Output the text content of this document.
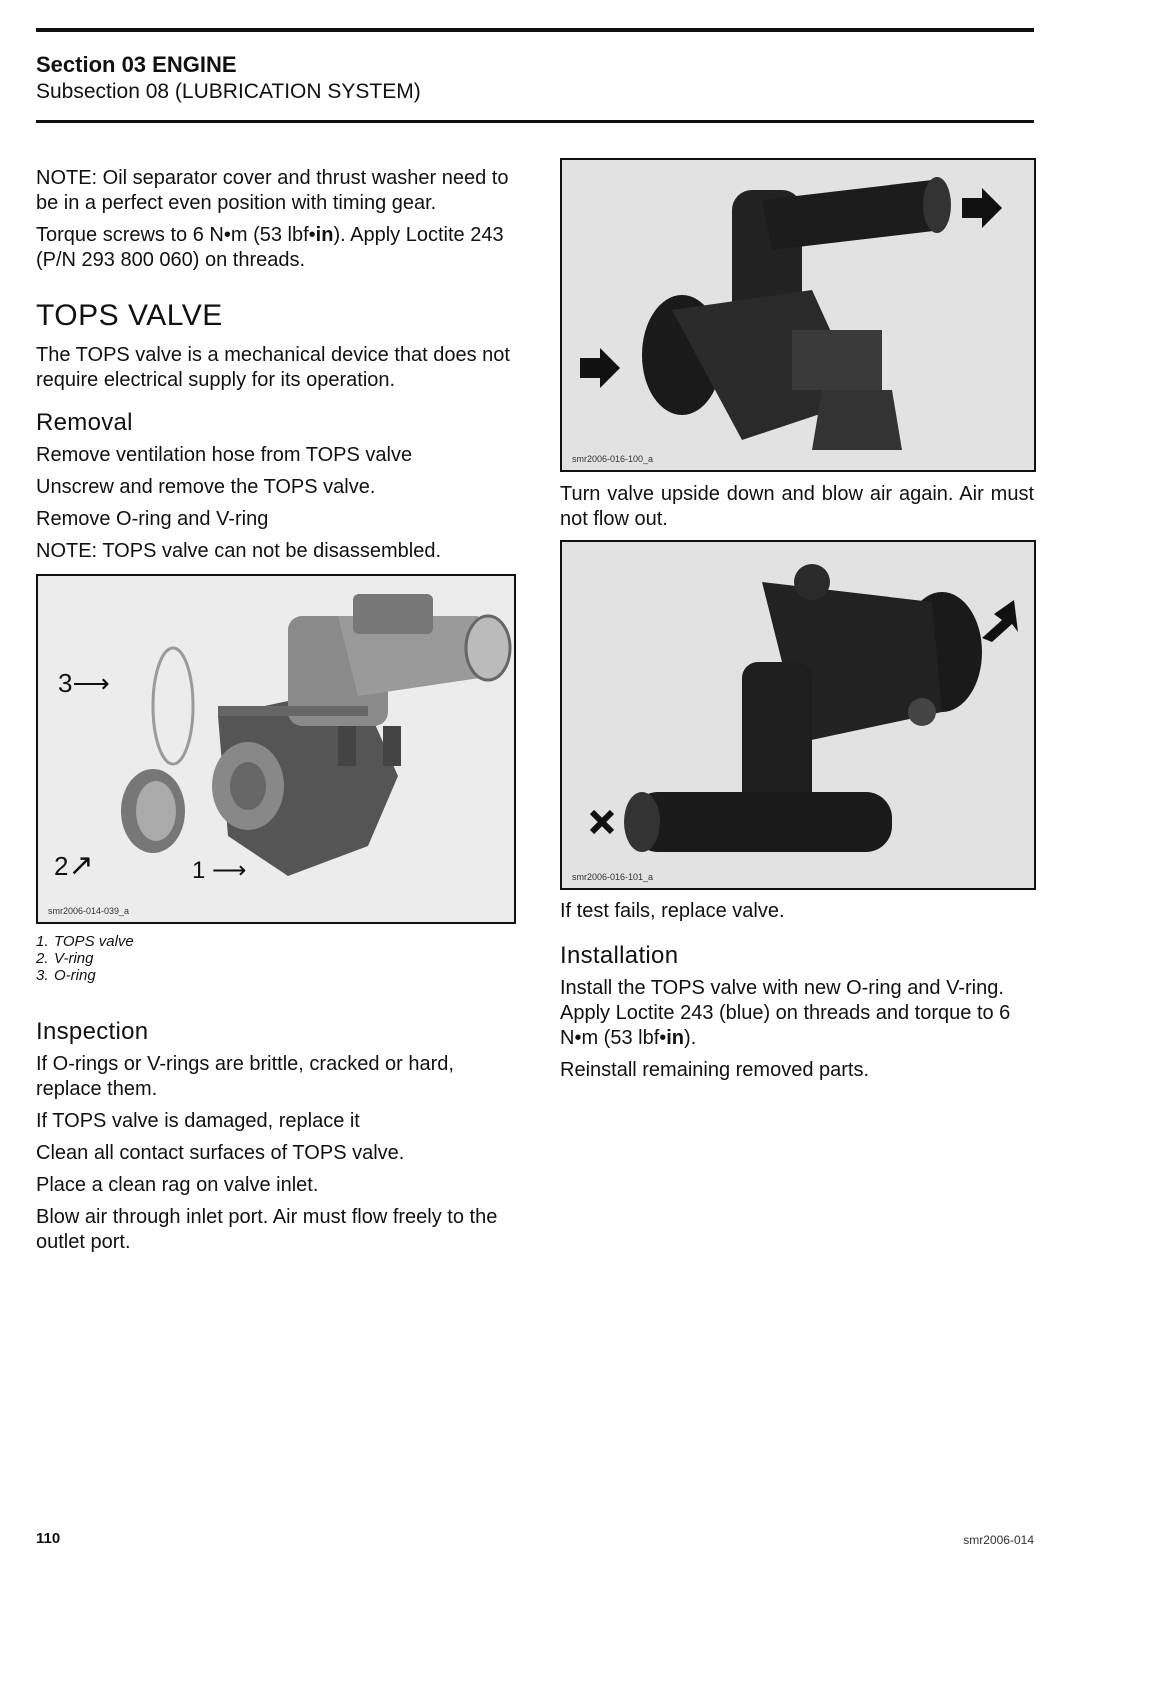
Section 03 ENGINE
Subsection 08 (LUBRICATION SYSTEM)

NOTE: Oil separator cover and thrust washer need to be in a perfect even position with timing gear.

Torque screws to 6 N•m (53 lbf•in). Apply Loctite 243 (P/N 293 800 060) on threads.

TOPS VALVE

The TOPS valve is a mechanical device that does not require electrical supply for its operation.

Removal

Remove ventilation hose from TOPS valve

Unscrew and remove the TOPS valve.

Remove O-ring and V-ring

NOTE: TOPS valve can not be disassembled.

3⟶
2↗	1 ⟶
smr2006-014-039_a
1. TOPS valve
2. V-ring
3. O-ring
Inspection

If O-rings or V-rings are brittle, cracked or hard, replace them.

If TOPS valve is damaged, replace it

Clean all contact surfaces of TOPS valve.

Place a clean rag on valve inlet.

Blow air through inlet port. Air must flow freely to the outlet port.

smr2006-016-100_a

Turn valve upside down and blow air again. Air must not flow out.

smr2006-016-101_a

If test fails, replace valve.

Installation

Install the TOPS valve with new O-ring and V-ring. Apply Loctite 243 (blue) on threads and torque to 6 N•m (53 lbf•in).

Reinstall remaining removed parts.

110	smr2006-014
